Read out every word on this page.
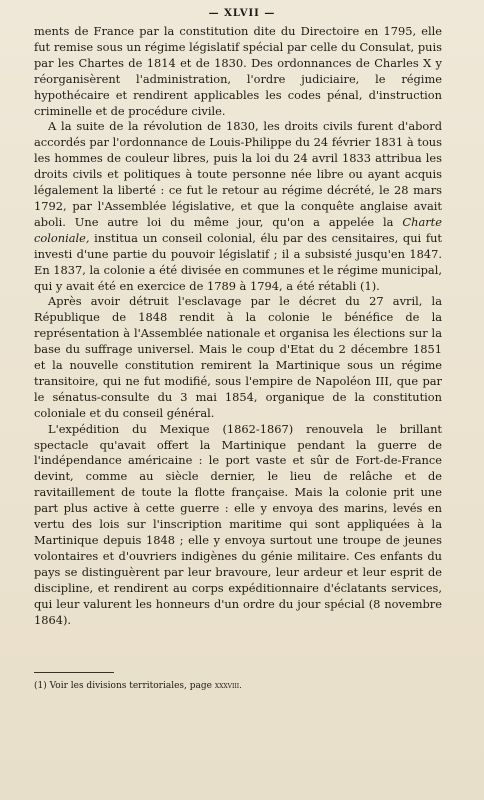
— XLVII —

ments de France par la constitution dite du Directoire en 1795, elle fut remise sous un régime législatif spécial par celle du Consulat, puis par les Chartes de 1814 et de 1830. Des ordonnances de Charles X y réorganisèrent l'administration, l'ordre judiciaire, le régime hypothécaire et rendirent applicables les codes pénal, d'instruction criminelle et de procédure civile.

A la suite de la révolution de 1830, les droits civils furent d'abord accordés par l'ordonnance de Louis-Philippe du 24 février 1831 à tous les hommes de couleur libres, puis la loi du 24 avril 1833 attribua les droits civils et politiques à toute personne née libre ou ayant acquis légalement la liberté : ce fut le retour au régime décrété, le 28 mars 1792, par l'Assemblée législative, et que la conquête anglaise avait aboli. Une autre loi du même jour, qu'on a appelée la Charte coloniale, institua un conseil colonial, élu par des censitaires, qui fut investi d'une partie du pouvoir législatif ; il a subsisté jusqu'en 1847. En 1837, la colonie a été divisée en communes et le régime municipal, qui y avait été en exercice de 1789 à 1794, a été rétabli (1).

Après avoir détruit l'esclavage par le décret du 27 avril, la République de 1848 rendit à la colonie le bénéfice de la représentation à l'Assemblée nationale et organisa les élections sur la base du suffrage universel. Mais le coup d'Etat du 2 décembre 1851 et la nouvelle constitution remirent la Martinique sous un régime transitoire, qui ne fut modifié, sous l'empire de Napoléon III, que par le sénatus-consulte du 3 mai 1854, organique de la constitution coloniale et du conseil général.

L'expédition du Mexique (1862-1867) renouvela le brillant spectacle qu'avait offert la Martinique pendant la guerre de l'indépendance américaine : le port vaste et sûr de Fort-de-France devint, comme au siècle dernier, le lieu de relâche et de ravitaillement de toute la flotte française. Mais la colonie prit une part plus active à cette guerre : elle y envoya des marins, levés en vertu des lois sur l'inscription maritime qui sont appliquées à la Martinique depuis 1848 ; elle y envoya surtout une troupe de jeunes volontaires et d'ouvriers indigènes du génie militaire. Ces enfants du pays se distinguèrent par leur bravoure, leur ardeur et leur esprit de discipline, et rendirent au corps expéditionnaire d'éclatants services, qui leur valurent les honneurs d'un ordre du jour spécial (8 novembre 1864).

(1) Voir les divisions territoriales, page xxxviii.
